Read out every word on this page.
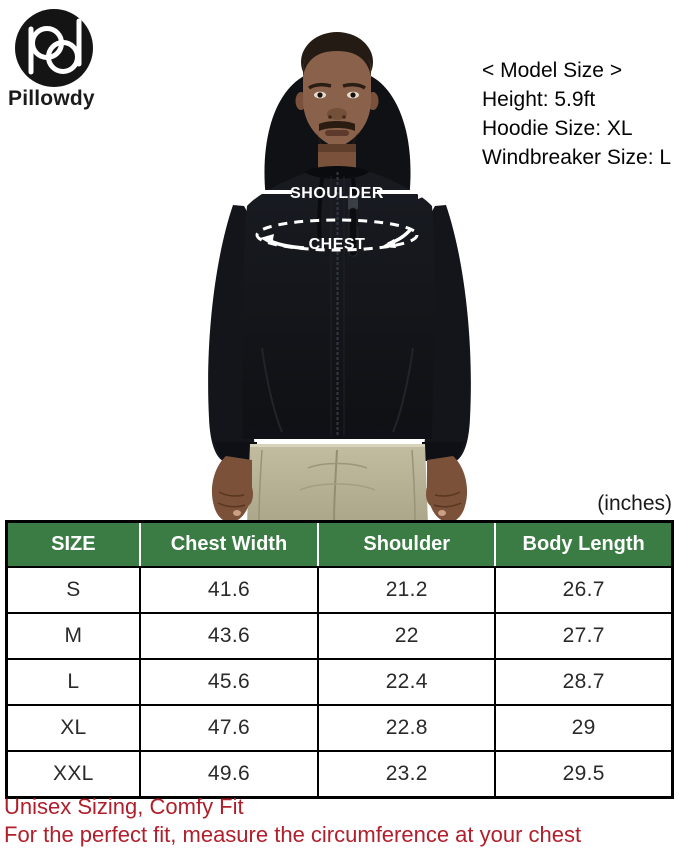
Pillowdy
< Model Size >
Height: 5.9ft
Hoodie Size: XL
Windbreaker Size: L
SHOULDER
CHEST
(inches)
SIZE	Chest Width	Shoulder	Body Length
S	41.6	21.2	26.7
M	43.6	22	27.7
L	45.6	22.4	28.7
XL	47.6	22.8	29
XXL	49.6	23.2	29.5
Unisex Sizing, Comfy Fit
For the perfect fit, measure the circumference at your chest
